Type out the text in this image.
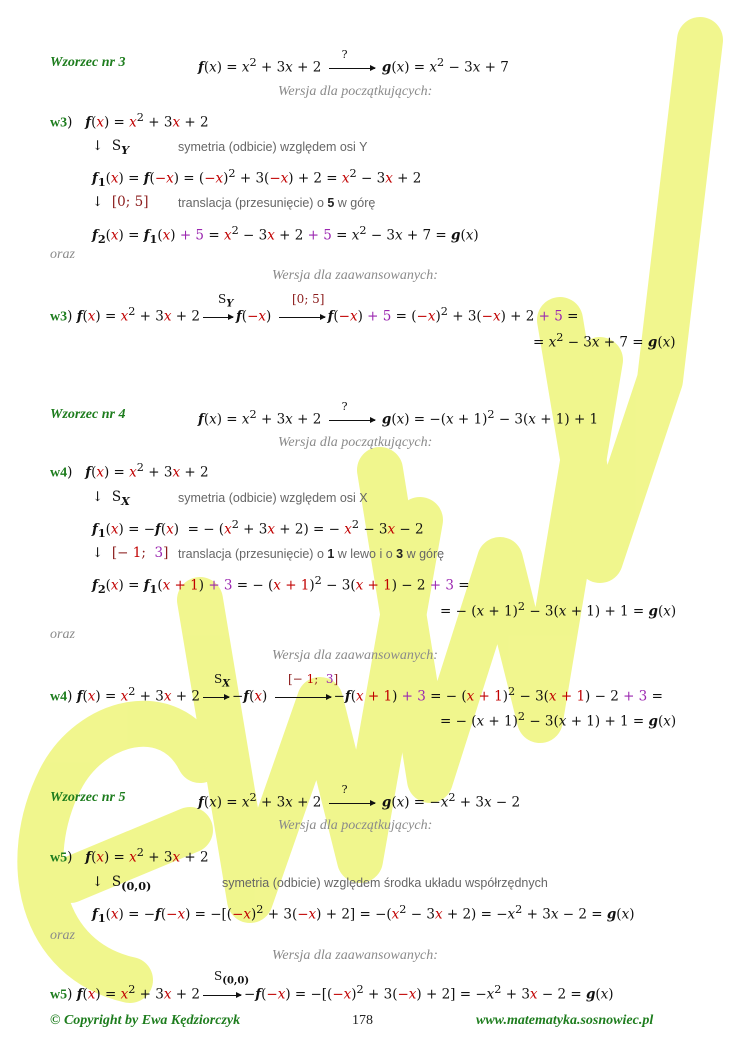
Wzorzec nr 3	$f(x) = x^2 + 3x + 2$
?
$g(x) = x^2 - 3x + 7$
Wersja dla początkujących:
w3)   $f(x) = x^2 + 3x + 2$
↓  $S_Y$	symetria (odbicie) względem osi Y
$f_1(x) = f(-x) = (-x)^2 + 3(-x) + 2 = x^2 - 3x + 2$
↓  [0; 5] translacja (przesunięcie) o 5 w górę
$f_2(x) = f_1(x) + 5 = x^2 - 3x + 2 + 5 = x^2 - 3x + 7 = g(x)$
oraz
Wersja dla zaawansowanych:
$S_Y$	[0; 5]
w3) $f(x) = x^2 + 3x + 2$	f(−x)	$f(-x) + 5 = (-x)^2 + 3(-x) + 2 + 5$ =
= $x^2 - 3x + 7 = g(x)$
Wzorzec nr 4	$f(x) = x^2 + 3x + 2$
?
$g(x) = -(x + 1)^2 - 3(x + 1) + 1$
Wersja dla początkujących:
w4)   $f(x) = x^2 + 3x + 2$
↓  $S_X$	symetria (odbicie) względem osi X
$f_1(x) = -f(x)$  = − $(x^2 + 3x + 2)$ = − $x^2 - 3x - 2$
↓  [− 1;  3] translacja (przesunięcie) o 1 w lewo i o 3 w górę
$f_2(x) = f_1(x + 1) + 3$ = − $(x + 1)^2 - 3(x + 1) - 2 + 3$ =
= − $(x + 1)^2 - 3(x + 1) + 1 = g(x)$
oraz
Wersja dla zaawansowanych:
$S_X$	[− 1;  3]
w4) $f(x) = x^2 + 3x + 2 -f(x)$	−f(x + 1) + 3 = − $(x + 1)^2 - 3(x + 1) - 2 + 3$ =
= − $(x + 1)^2 - 3(x + 1) + 1 = g(x)$
Wzorzec nr 5	$f(x) = x^2 + 3x + 2$
?
$g(x) = -x^2 + 3x - 2$
Wersja dla początkujących:
w5)   $f(x) = x^2 + 3x + 2$
↓  $S_{(0,0)}$	symetria (odbicie) względem środka układu współrzędnych
$f_1(x) = -f(-x) = -[(-x)^2 + 3(-x) + 2] = -(x^2 - 3x + 2) = -x^2 + 3x - 2 = g(x)$
oraz
Wersja dla zaawansowanych:
$S_{(0,0)}$
w5) $f(x) = x^2 + 3x + 2$	$-f(-x) = -[(-x)^2 + 3(-x) + 2] = -x^2 + 3x - 2 = g(x)$
© Copyright by Ewa Kędziorczyk	178	www.matematyka.sosnowiec.pl
